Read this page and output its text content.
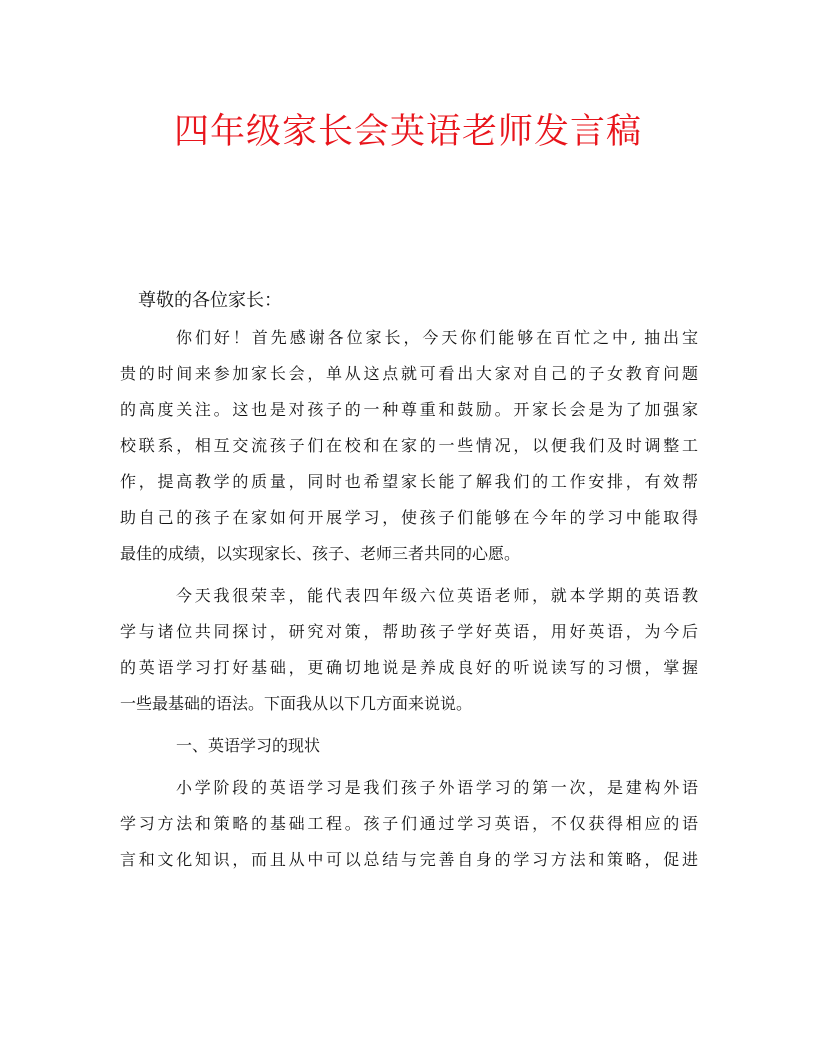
四年级家长会英语老师发言稿

尊敬的各位家长：

你们好！首先感谢各位家长，今天你们能够在百忙之中, 抽出宝
贵的时间来参加家长会，单从这点就可看出大家对自己的子女教育问题
的高度关注。这也是对孩子的一种尊重和鼓励。开家长会是为了加强家
校联系，相互交流孩子们在校和在家的一些情况，以便我们及时调整工
作，提高教学的质量，同时也希望家长能了解我们的工作安排，有效帮
助自己的孩子在家如何开展学习，使孩子们能够在今年的学习中能取得
最佳的成绩，以实现家长、孩子、老师三者共同的心愿。
今天我很荣幸，能代表四年级六位英语老师，就本学期的英语教
学与诸位共同探讨，研究对策，帮助孩子学好英语，用好英语，为今后
的英语学习打好基础，更确切地说是养成良好的听说读写的习惯，掌握
一些最基础的语法。下面我从以下几方面来说说。
一、英语学习的现状
小学阶段的英语学习是我们孩子外语学习的第一次，是建构外语
学习方法和策略的基础工程。孩子们通过学习英语，不仅获得相应的语
言和文化知识，而且从中可以总结与完善自身的学习方法和策略，促进
